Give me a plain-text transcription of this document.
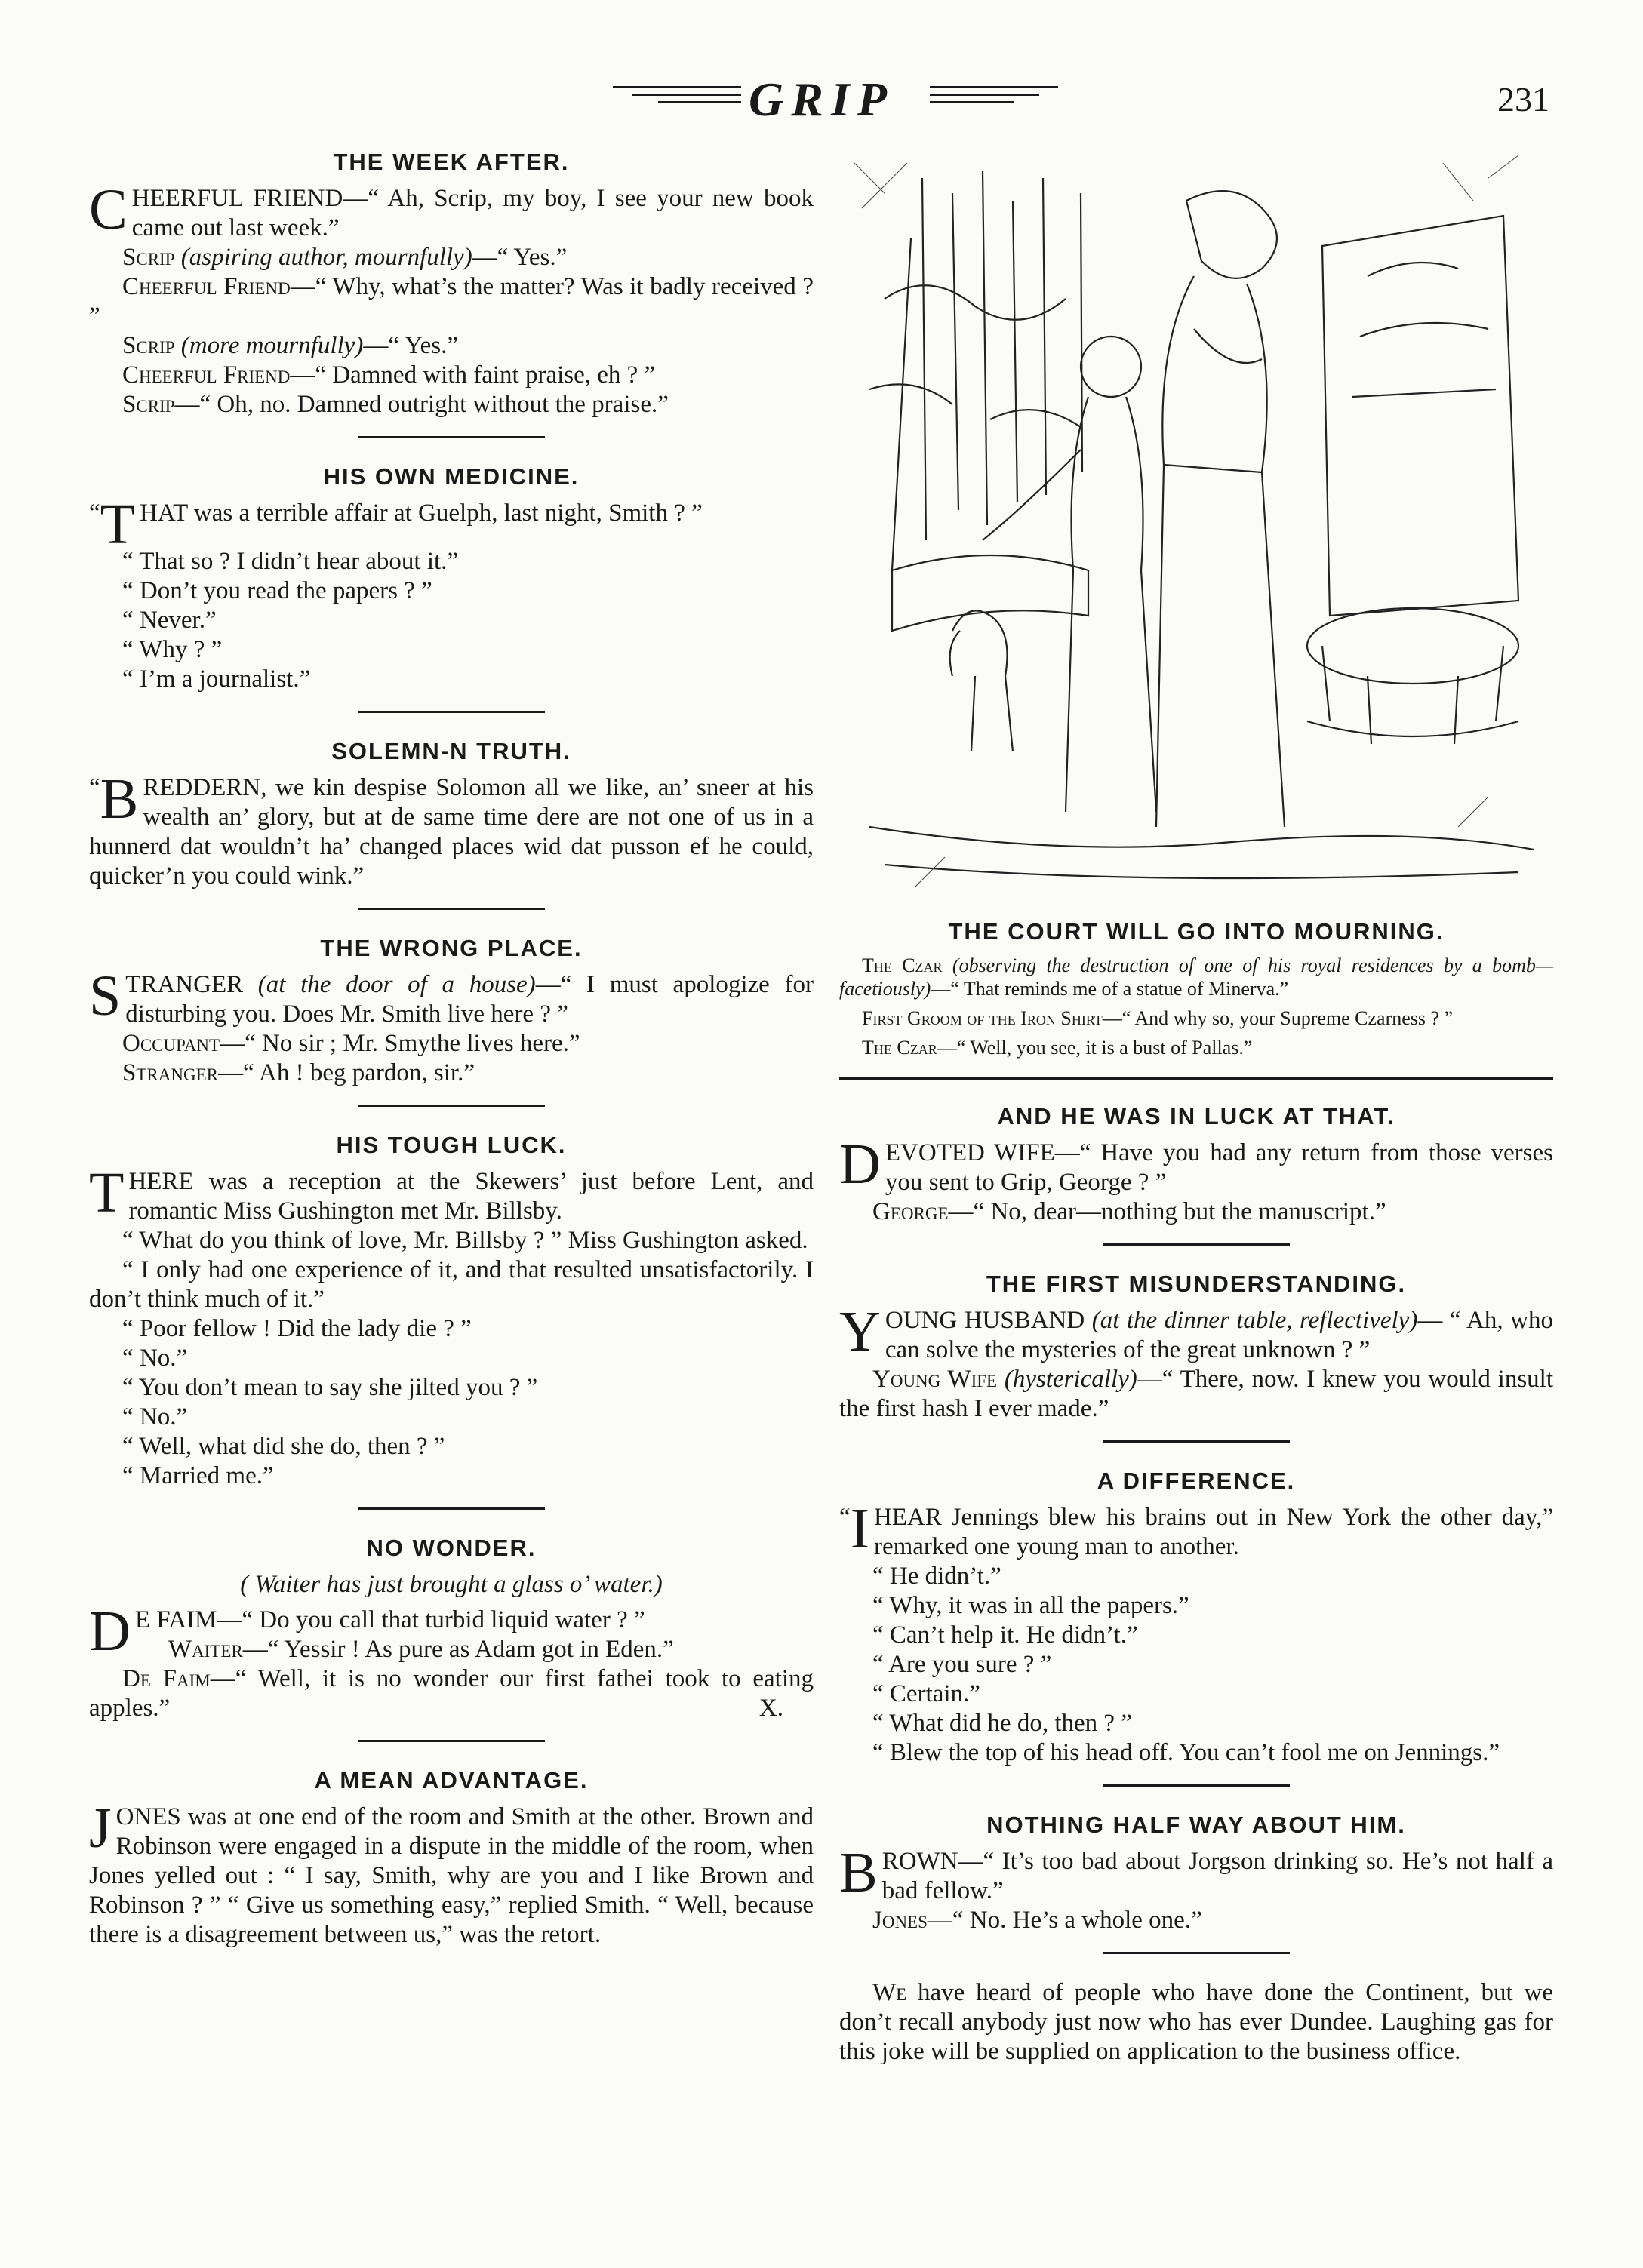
GRIP	231
THE WEEK AFTER.

CHEERFUL FRIEND—“ Ah, Scrip, my boy, I see your new book came out last week.”

Scrip (aspiring author, mournfully)—“ Yes.”

Cheerful Friend—“ Why, what’s the matter? Was it badly received ? ”

Scrip (more mournfully)—“ Yes.”

Cheerful Friend—“ Damned with faint praise, eh ? ”

Scrip—“ Oh, no. Damned outright without the praise.”

HIS OWN MEDICINE.

“ T HAT was a terrible affair at Guelph, last night, Smith ? ”

“ That so ? I didn’t hear about it.”

“ Don’t you read the papers ? ”

“ Never.”

“ Why ? ”

“ I’m a journalist.”

SOLEMN-N TRUTH.

“ B REDDERN, we kin despise Solomon all we like, an’ sneer at his wealth an’ glory, but at de same time dere are not one of us in a hunnerd dat wouldn’t ha’ changed places wid dat pusson ef he could, quicker’n you could wink.”

THE WRONG PLACE.

STRANGER (at the door of a house)—“ I must apologize for disturbing you. Does Mr. Smith live here ? ”

Occupant—“ No sir ; Mr. Smythe lives here.”

Stranger—“ Ah ! beg pardon, sir.”

HIS TOUGH LUCK.

THERE was a reception at the Skewers’ just before Lent, and romantic Miss Gushington met Mr. Billsby.

“ What do you think of love, Mr. Billsby ? ” Miss Gushington asked.

“ I only had one experience of it, and that resulted unsatisfactorily. I don’t think much of it.”

“ Poor fellow ! Did the lady die ? ”

“ No.”

“ You don’t mean to say she jilted you ? ”

“ No.”

“ Well, what did she do, then ? ”

“ Married me.”

NO WONDER.

( Waiter has just brought a glass o’ water.)

D E FAIM—“ Do you call that turbid liquid water ? ”

Waiter—“ Yessir ! As pure as Adam got in Eden.”

De Faim—“ Well, it is no wonder our first fathei took to eating apples.”	X.

A MEAN ADVANTAGE.

JONES was at one end of the room and Smith at the other. Brown and Robinson were engaged in a dispute in the middle of the room, when Jones yelled out : “ I say, Smith, why are you and I like Brown and Robinson ? ” “ Give us something easy,” replied Smith. “ Well, because there is a disagreement between us,” was the retort.

THE COURT WILL GO INTO MOURNING.

The Czar (observing the destruction of one of his royal residences by a bomb—facetiously)—“ That reminds me of a statue of Minerva.”

First Groom of the Iron Shirt—“ And why so, your Supreme Czarness ? ”

The Czar—“ Well, you see, it is a bust of Pallas.”

AND HE WAS IN LUCK AT THAT.

DEVOTED WIFE—“ Have you had any return from those verses you sent to Grip, George ? ”

George—“ No, dear—nothing but the manuscript.”

THE FIRST MISUNDERSTANDING.

YOUNG HUSBAND (at the dinner table, reflectively)— “ Ah, who can solve the mysteries of the great unknown ? ”

Young Wife (hysterically)—“ There, now. I knew you would insult the first hash I ever made.”

A DIFFERENCE.

“ I HEAR Jennings blew his brains out in New York the other day,” remarked one young man to another.

“ He didn’t.”

“ Why, it was in all the papers.”

“ Can’t help it. He didn’t.”

“ Are you sure ? ”

“ Certain.”

“ What did he do, then ? ”

“ Blew the top of his head off. You can’t fool me on Jennings.”

NOTHING HALF WAY ABOUT HIM.

BROWN—“ It’s too bad about Jorgson drinking so. He’s not half a bad fellow.”

Jones—“ No. He’s a whole one.”

We have heard of people who have done the Continent, but we don’t recall anybody just now who has ever Dundee. Laughing gas for this joke will be supplied on application to the business office.
